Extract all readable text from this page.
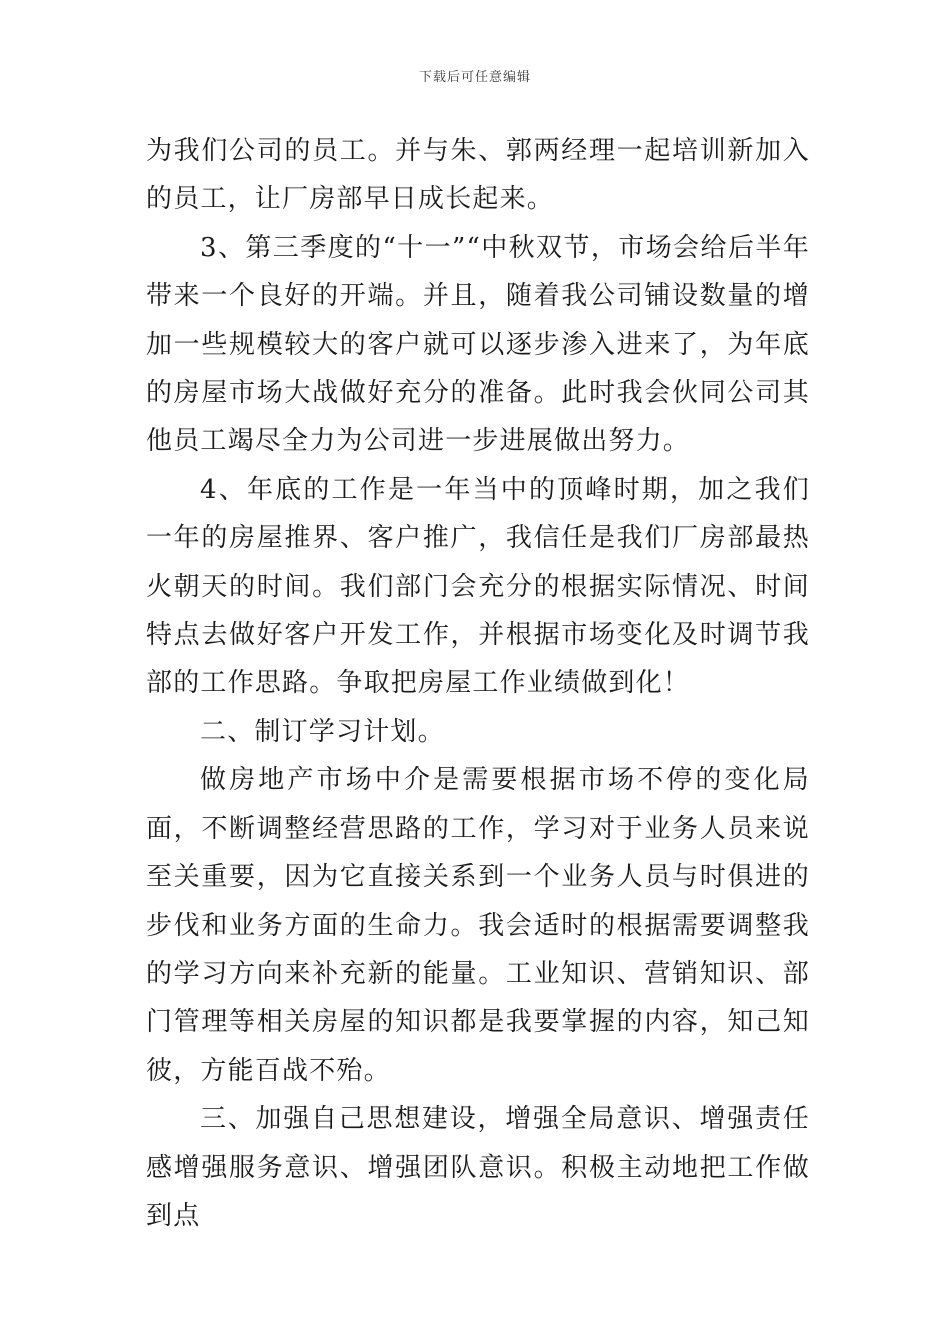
下载后可任意编辑

为我们公司的员工。并与朱、郭两经理一起培训新加入的员工，让厂房部早日成长起来。

3、第三季度的“十一”“中秋双节，市场会给后半年带来一个良好的开端。并且，随着我公司铺设数量的增加一些规模较大的客户就可以逐步渗入进来了，为年底的房屋市场大战做好充分的准备。此时我会伙同公司其他员工竭尽全力为公司进一步进展做出努力。

4、年底的工作是一年当中的顶峰时期，加之我们一年的房屋推界、客户推广，我信任是我们厂房部最热火朝天的时间。我们部门会充分的根据实际情况、时间特点去做好客户开发工作，并根据市场变化及时调节我部的工作思路。争取把房屋工作业绩做到化！

二、制订学习计划。

做房地产市场中介是需要根据市场不停的变化局面，不断调整经营思路的工作，学习对于业务人员来说至关重要，因为它直接关系到一个业务人员与时俱进的步伐和业务方面的生命力。我会适时的根据需要调整我的学习方向来补充新的能量。工业知识、营销知识、部门管理等相关房屋的知识都是我要掌握的内容，知己知彼，方能百战不殆。

三、加强自己思想建设，增强全局意识、增强责任感增强服务意识、增强团队意识。积极主动地把工作做到点
